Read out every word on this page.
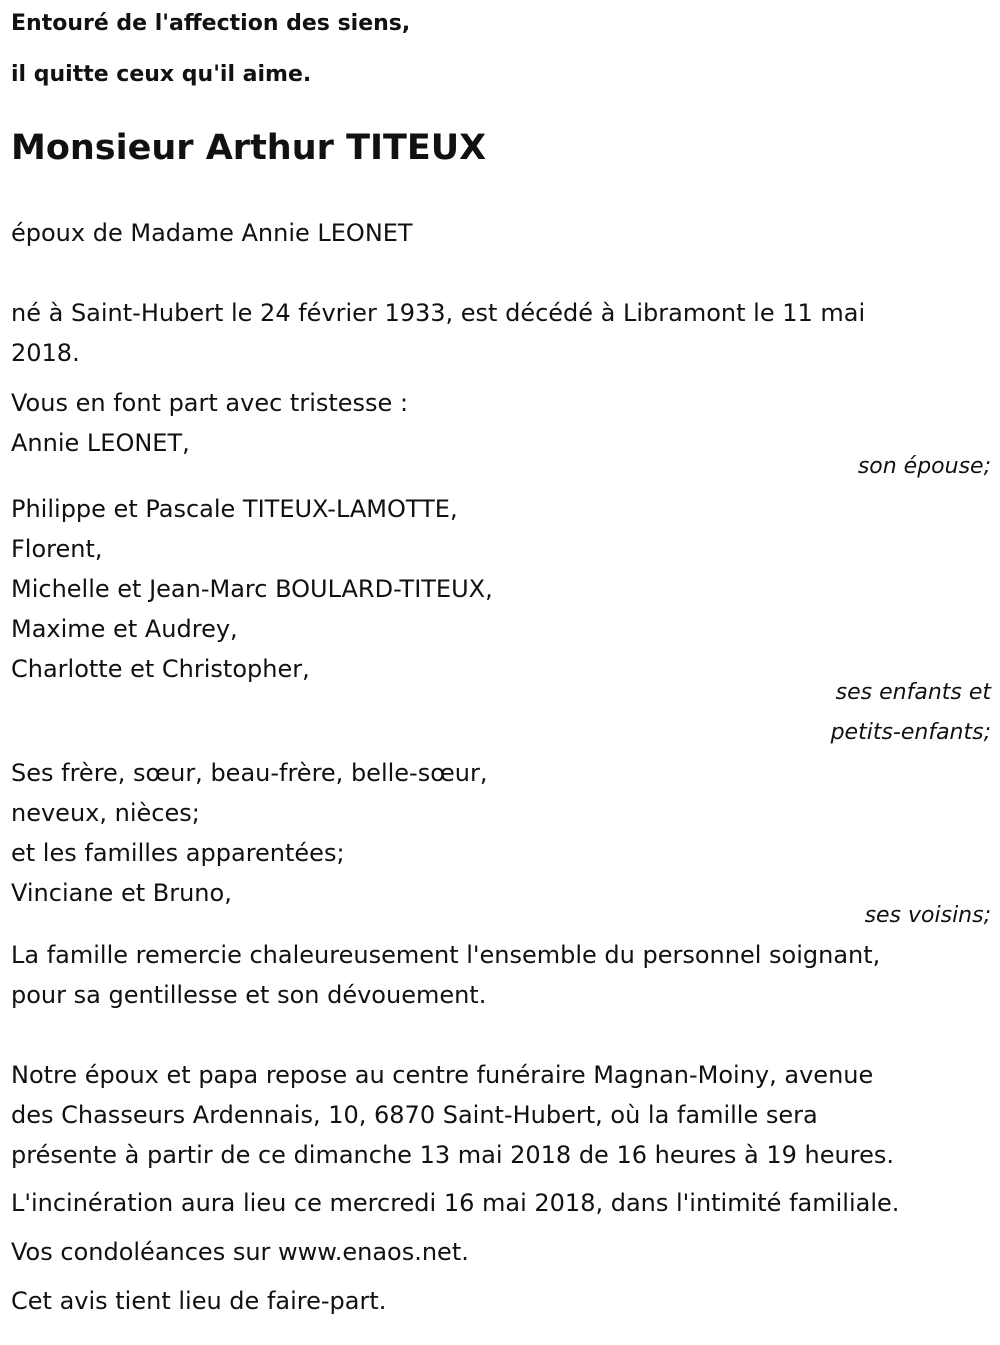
Entouré de l'affection des siens,

il quitte ceux qu'il aime.

Monsieur Arthur TITEUX

époux de Madame Annie LEONET

né à Saint-Hubert le 24 février 1933, est décédé à Libramont le 11 mai

2018.

Vous en font part avec tristesse :

Annie LEONET,

son épouse;

Philippe et Pascale TITEUX-LAMOTTE,

Florent,

Michelle et Jean-Marc BOULARD-TITEUX,

Maxime et Audrey,

Charlotte et Christopher,

ses enfants et

petits-enfants;

Ses frère, sœur, beau-frère, belle-sœur,

neveux, nièces;

et les familles apparentées;

Vinciane et Bruno,

ses voisins;

La famille remercie chaleureusement l'ensemble du personnel soignant,

pour sa gentillesse et son dévouement.

Notre époux et papa repose au centre funéraire Magnan-Moiny, avenue

des Chasseurs Ardennais, 10, 6870 Saint-Hubert, où la famille sera

présente à partir de ce dimanche 13 mai 2018 de 16 heures à 19 heures.

L'incinération aura lieu ce mercredi 16 mai 2018, dans l'intimité familiale.

Vos condoléances sur www.enaos.net.

Cet avis tient lieu de faire-part.
